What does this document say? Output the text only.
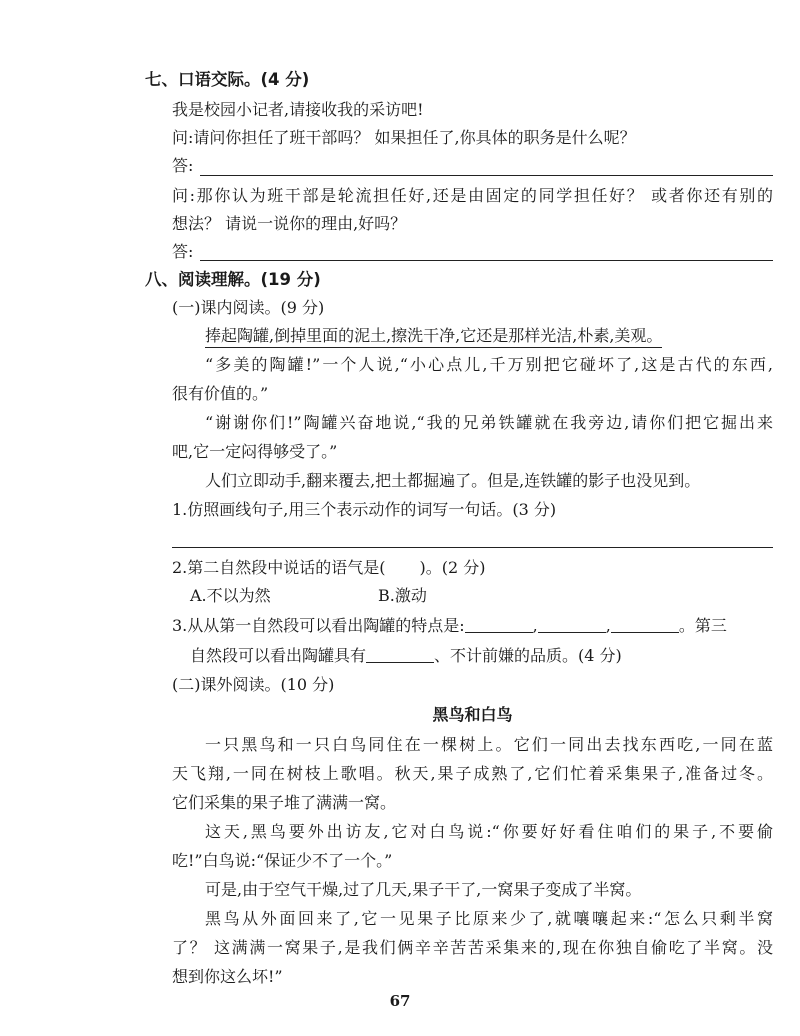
七、口语交际。(4 分)
我是校园小记者,请接收我的采访吧!
问:请问你担任了班干部吗？ 如果担任了,你具体的职务是什么呢？
答:
问:那你认为班干部是轮流担任好,还是由固定的同学担任好？ 或者你还有别的
想法？ 请说一说你的理由,好吗？
答:
八、阅读理解。(19 分)
(一)课内阅读。(9 分)
捧起陶罐,倒掉里面的泥土,擦洗干净,它还是那样光洁,朴素,美观。
“多美的陶罐!”一个人说,“小心点儿,千万别把它碰坏了,这是古代的东西,
很有价值的。”
“谢谢你们!”陶罐兴奋地说,“我的兄弟铁罐就在我旁边,请你们把它掘出来
吧,它一定闷得够受了。”
人们立即动手,翻来覆去,把土都掘遍了。但是,连铁罐的影子也没见到。
1.仿照画线句子,用三个表示动作的词写一句话。(3 分)
2.第二自然段中说话的语气是( )。(2 分)
A.不以为然	B.激动
3.从从第一自然段可以看出陶罐的特点是:	,	,	。第三
自然段可以看出陶罐具有	、不计前嫌的品质。(4 分)
(二)课外阅读。(10 分)
黑鸟和白鸟
一只黑鸟和一只白鸟同住在一棵树上。它们一同出去找东西吃,一同在蓝
天飞翔,一同在树枝上歌唱。秋天,果子成熟了,它们忙着采集果子,准备过冬。
它们采集的果子堆了满满一窝。
这天,黑鸟要外出访友,它对白鸟说:“你要好好看住咱们的果子,不要偷
吃!”白鸟说:“保证少不了一个。”
可是,由于空气干燥,过了几天,果子干了,一窝果子变成了半窝。
黑鸟从外面回来了,它一见果子比原来少了,就嚷嚷起来:“怎么只剩半窝
了？ 这满满一窝果子,是我们俩辛辛苦苦采集来的,现在你独自偷吃了半窝。没
想到你这么坏!”
67
